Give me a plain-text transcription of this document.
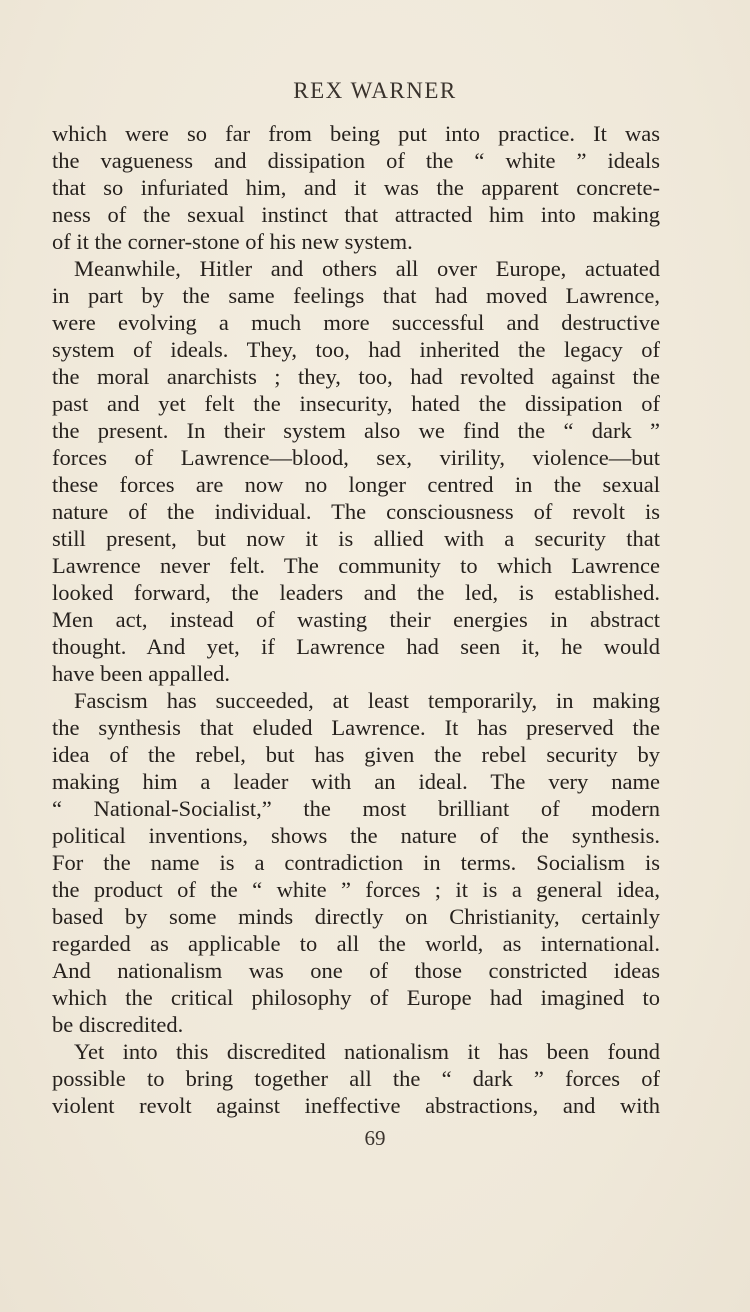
REX WARNER
which were so far from being put into practice. It was
the vagueness and dissipation of the “ white ” ideals
that so infuriated him, and it was the apparent concrete-
ness of the sexual instinct that attracted him into making
of it the corner-stone of his new system.
Meanwhile, Hitler and others all over Europe, actuated
in part by the same feelings that had moved Lawrence,
were evolving a much more successful and destructive
system of ideals. They, too, had inherited the legacy of
the moral anarchists ; they, too, had revolted against the
past and yet felt the insecurity, hated the dissipation of
the present. In their system also we find the “ dark ”
forces of Lawrence—blood, sex, virility, violence—but
these forces are now no longer centred in the sexual
nature of the individual. The consciousness of revolt is
still present, but now it is allied with a security that
Lawrence never felt. The community to which Lawrence
looked forward, the leaders and the led, is established.
Men act, instead of wasting their energies in abstract
thought. And yet, if Lawrence had seen it, he would
have been appalled.
Fascism has succeeded, at least temporarily, in making
the synthesis that eluded Lawrence. It has preserved the
idea of the rebel, but has given the rebel security by
making him a leader with an ideal. The very name
“ National-Socialist,” the most brilliant of modern
political inventions, shows the nature of the synthesis.
For the name is a contradiction in terms. Socialism is
the product of the “ white ” forces ; it is a general idea,
based by some minds directly on Christianity, certainly
regarded as applicable to all the world, as international.
And nationalism was one of those constricted ideas
which the critical philosophy of Europe had imagined to
be discredited.
Yet into this discredited nationalism it has been found
possible to bring together all the “ dark ” forces of
violent revolt against ineffective abstractions, and with
69
